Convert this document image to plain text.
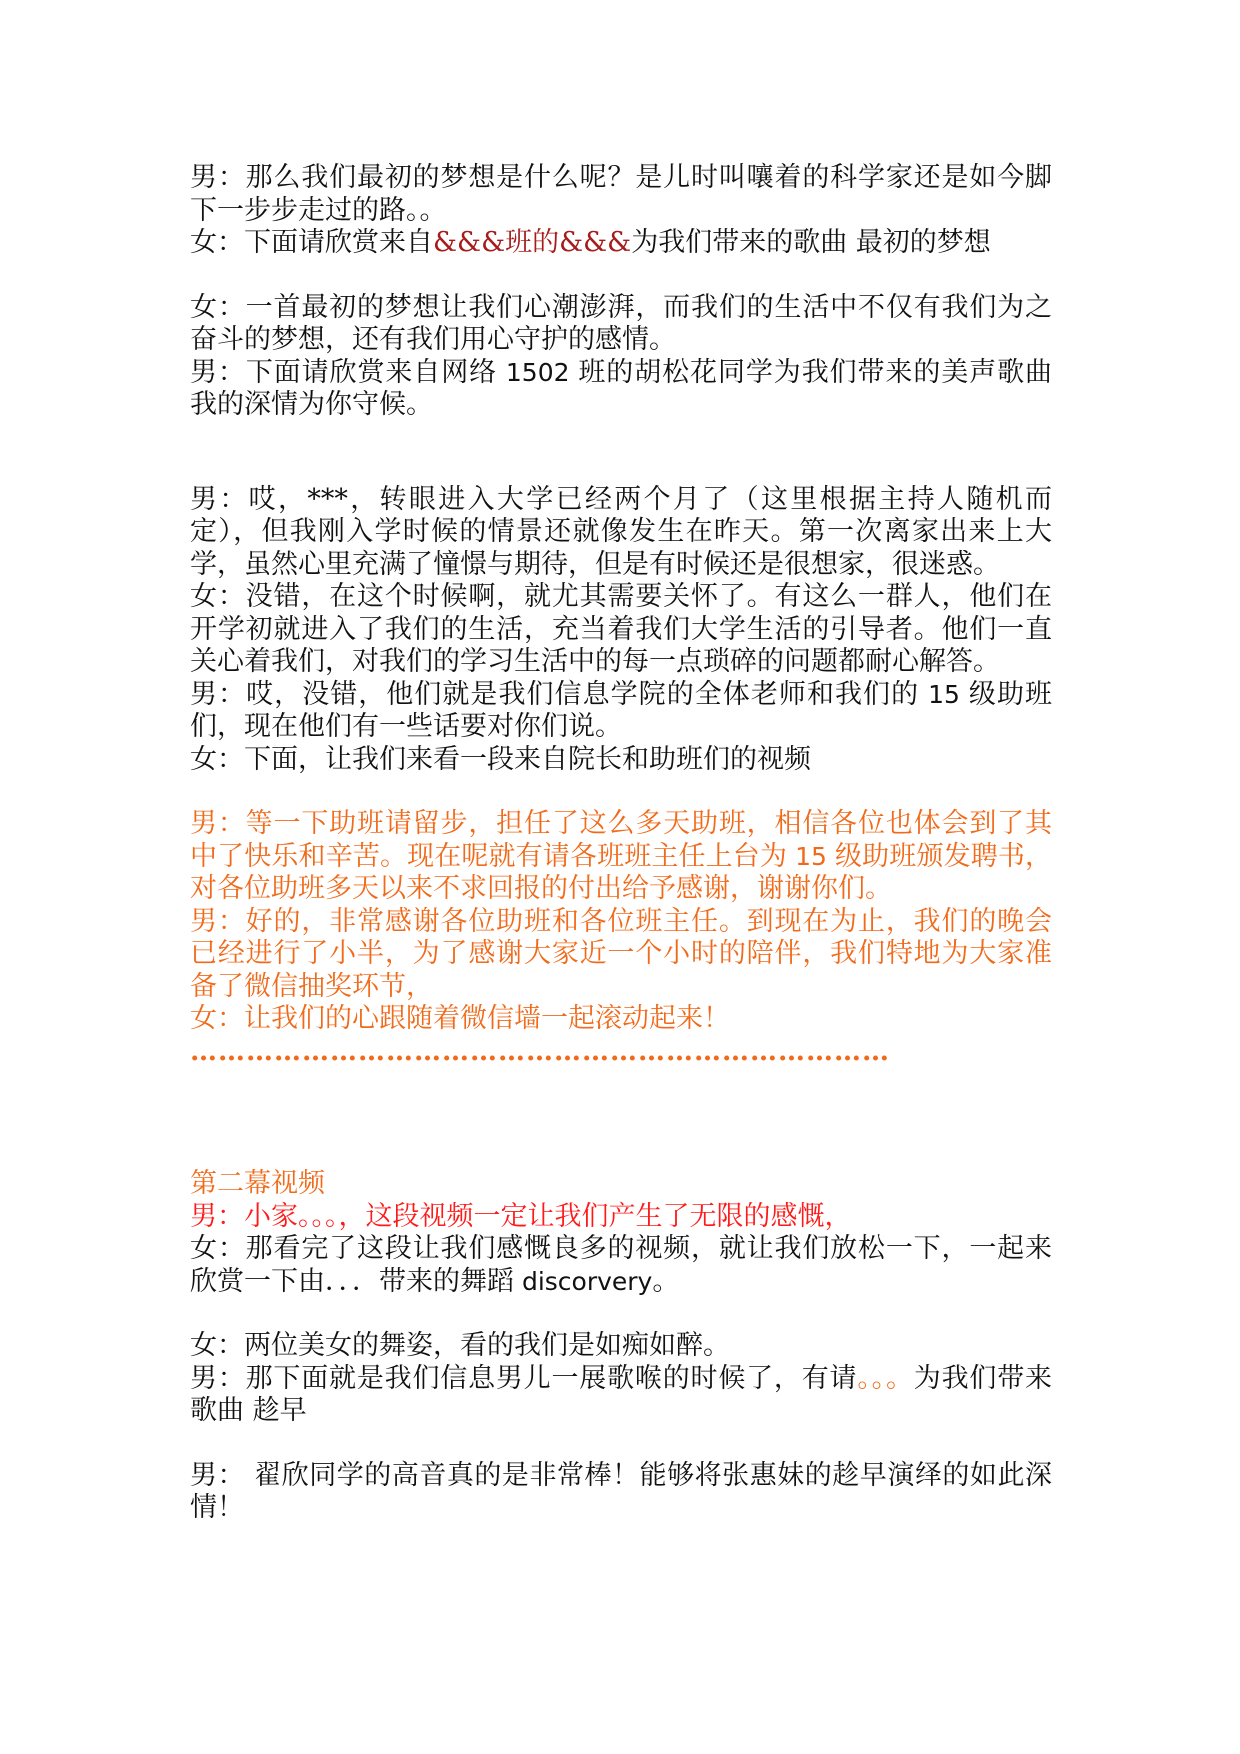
男：那么我们最初的梦想是什么呢？是儿时叫嚷着的科学家还是如今脚下一步步走过的路。。

女：下面请欣赏来自&&&班的&&&为我们带来的歌曲 最初的梦想

女：一首最初的梦想让我们心潮澎湃，而我们的生活中不仅有我们为之奋斗的梦想，还有我们用心守护的感情。

男：下面请欣赏来自网络 1502 班的胡松花同学为我们带来的美声歌曲 我的深情为你守候。

男：哎，***，转眼进入大学已经两个月了（这里根据主持人随机而定），但我刚入学时候的情景还就像发生在昨天。第一次离家出来上大学，虽然心里充满了憧憬与期待，但是有时候还是很想家，很迷惑。

女：没错，在这个时候啊，就尤其需要关怀了。有这么一群人，他们在开学初就进入了我们的生活，充当着我们大学生活的引导者。他们一直关心着我们，对我们的学习生活中的每一点琐碎的问题都耐心解答。

男：哎，没错，他们就是我们信息学院的全体老师和我们的 15 级助班们，现在他们有一些话要对你们说。

女：下面，让我们来看一段来自院长和助班们的视频

男：等一下助班请留步，担任了这么多天助班，相信各位也体会到了其中了快乐和辛苦。现在呢就有请各班班主任上台为 15 级助班颁发聘书，对各位助班多天以来不求回报的付出给予感谢，谢谢你们。

男：好的，非常感谢各位助班和各位班主任。到现在为止，我们的晚会已经进行了小半，为了感谢大家近一个小时的陪伴，我们特地为大家准备了微信抽奖环节，

女：让我们的心跟随着微信墙一起滚动起来！

…………………………………………………………………

第二幕视频

男：小家。。。，这段视频一定让我们产生了无限的感慨，

女：那看完了这段让我们感慨良多的视频，就让我们放松一下，一起来欣赏一下由．．．带来的舞蹈 discorvery。

女：两位美女的舞姿，看的我们是如痴如醉。

男：那下面就是我们信息男儿一展歌喉的时候了，有请。。。为我们带来歌曲 趁早

男： 翟欣同学的高音真的是非常棒！能够将张惠妹的趁早演绎的如此深情！
